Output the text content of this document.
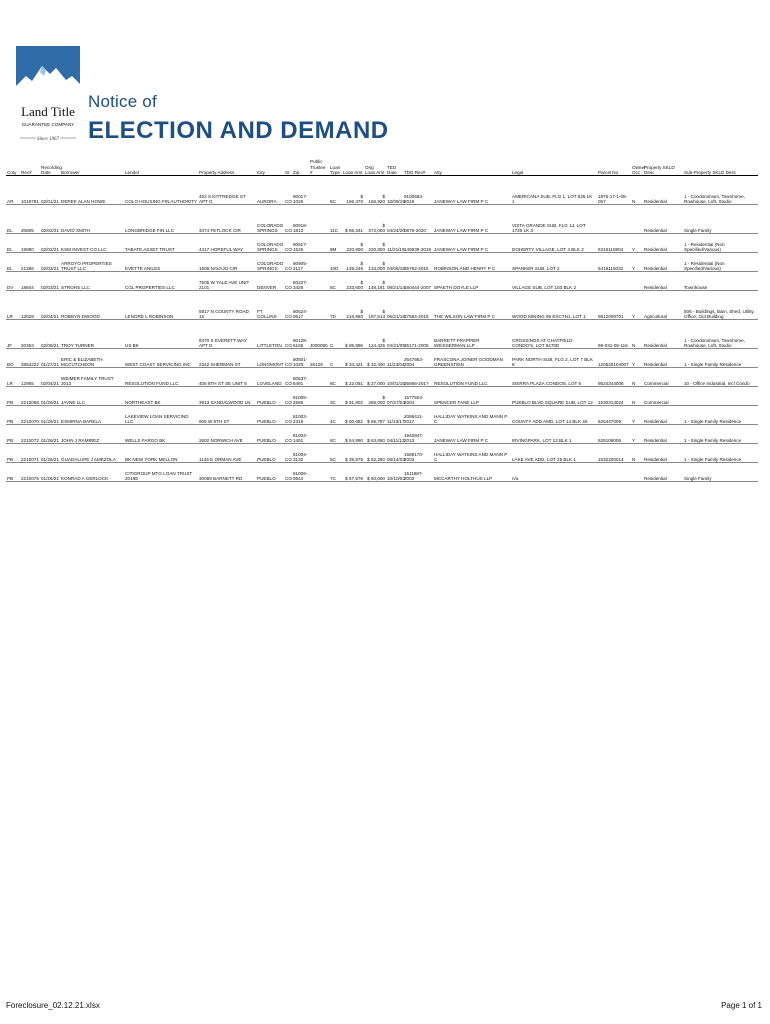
Land Title
GUARANTEE COMPANY
Since 1967
Notice of
ELECTION AND DEMAND
Cnty	Rec#	Recording Date	Borrower	Lender	Property Address	City	St	Zip	Public Trustee #	Loan Type	Loan Amt	Orig Loan Amt	TED Date	TDD Rec#	Atty	Legal	Parcel No	Owner Occ	Property SKLD Desc	Sub-Property SKLD Desc
AR	1019781	02/01/21	DEREK ALAN HOWE	COLO HOUSING FIN AUTHORITY	453 S KITTREDGE ST APT G	AURORA	CO	80017-1026		5C	$ 166,470	$ 166,920	10/09/19	9100683-2019	JANEWAY LAW FIRM P C	AMERICANA SUB, FLG 1, LOT 526 LK 1	1975-17-1-08-057	N	Residential	1 - Condominium, Townhome, Rowhouse, Loft, Studio
EL	20805	02/02/21	DAVID SMITH	LONGBRIDGE FIN LLC	3474 FETLOCK CIR	COLORADO SPRINGS	CO	80918-1813		11C	$ 86,341	$ 372,000	04/24/20	0878-2020	JANEWAY LAW FIRM P C	VISTA GRANDE SUB, FLG 14, LOT 1726 LK 3			Residential	Single Family
EL	19880	02/02/21	KSM INVEST CO LLC	TABATE ASSET TRUST	4417 HOPEFUL WAY	COLORADO SPRINGS	CO	80917-1526		9M	$ 220,800	$ 220,800	11/21/19	149939-2019	JANEWAY LAW FIRM P C	DOHERTY VILLAGE, LOT 4 BLK 2	6316110804	Y	Residential	1 - Residential (Non Specified/Various)
EL	21286	02/03/21	ARROYO PROPERTIES TRUST LLC	EVETTE ANILES	1606 NAVAJO CIR	COLORADO SPRINGS	CO	80905-2117		10D	$ 139,246	$ 134,000	04/06/15	35762-2015	ROBINSON AND HENRY P C	SPANKER SUB, LOT 2	6419115032	Y	Residential	1 - Residential (Non Specified/Various)
DV	18844	02/03/21	STROHS LLC	CGL PROPERTIES LLC	7505 W YALE AVE UNIT 2101	DENVER	CO	80227-3426		5C	$ 233,600	$ 148,181	08/21/14	160444-2007	SPAETH DOYLE LLP	VILLAGE SUB, LOT 103 BLK 2			Residential	Townhouse
LR	13029	02/04/21	ROBBYN DWOOD	LENORE L ROBINSON	5817 N COUNTY ROAD 15	FT COLLINS	CO	80524-9517		7D	$ 216,950	$ 187,514	06/21/18	37584-2018	THE WILSON LAW FIRM P C	WOOD MINING 95 EXCTN1, LOT 1	9812008701	Y	Agricultural	506 - Buildings, Barn, Shed, Utility, Office, Out Building
JF	20363	02/08/21	TROY TURNER	US BK	8470 S EVERETT WAY APT D	LITTLETON	CO	80128-6168	J000085	C	$ 95,996	$ 124,425	04/21/05	35171-2005	BARRETT FRAPPIER WEISSERMAN LLP	CROSSINGS AT CHATFIELD CONDO'S, LOT 8470D	69-031-05-116	N	Residential	1 - Condominium, Townhome, Rowhouse, Loft, Studio
BO	3854222	01/27/21	ERIC & ELIZABETH MCCUTCHEON	WEST COAST SERVICING INC	2342 SHERMAN ST	LONGMONT	CO	80501-1020	28126	C	$ 34,421	$ 32,400	11/23/04	2647953-2004	FRASCONA JOINER GOODMAN GREENSTEIN	PARK NORTH SUB, FLG 2, LOT 7 BLK 8	120520104007	Y	Residential	1 - Single Family Residence
LR	12965	02/04/21	WEIMER FAMILY TRUST 2013	RESOLUTION FUND LLC	405 8TH ST SE UNIT 6	LOVELAND	CO	80537-6491		8C	$ 22,051	$ 27,000	10/01/16	25566-2017	RESOLUTION FUND LLC	SIERRA PLAZA CONDOS, LOT 6	9524344006	N	Commercial	10 - Office Industrial, Incl Condo
PB	2210068	01/26/21	JAVNE LLC	NORTHEAST BK	3913 SANDALWOOD LN	PUEBLO	CO	81005-2586		3C	$ 91,802	$ 265,000	07/27/04	1577504-2004	SPENCER FANE LLP	PUEBLO BLVD SQUARE SUB, LOT 12	1530314024	N	Commercial	
PB	2210070	01/26/21	ESMIRNA BARELA	LAKEVIEW LOAN SERVICING LLC	605 W 8TH ST	PUEBLO	CO	81003-2319		4C	$ 60,682	$ 65,797	11/13/17	2088411-2017	HALLIDAY WATKINS AND MANN P C	COUNTY ADD AMD, LOT 14 BLK 46	525447009	Y	Residential	1 - Single Family Residence
PB	2210072	01/26/21	JOHN J RAMIREZ	WELLS FARGO BK	2602 NORWICH AVE	PUEBLO	CO	81004-1451		6C	$ 54,890	$ 63,650	04/11/13	1940947-2013	JANEWAY LAW FIRM P C	IRVINGPARK, LOT 13 BLK 1	525106006	Y	Residential	1 - Single Family Residence
PB	2210071	01/26/21	GUADALUPE J AMEZOLA	BK NEW YORK MELLON	1145 E ORMAN AVE	PUEBLO	CO	81004-3132		5C	$ 39,879	$ 62,250	06/14/03	1589170-2003	HALLIDAY WATKINS AND MANN P C	LAKE AVE ADD, LOT 25 BLK 1	1532200014	N	Residential	1 - Single Family Residence
PB	2210075	01/26/21	KONRAD A GERLOCK	CITIGROUP MTG LOAN TRUST 2019E	30089 BARNETT RD	PUEBLO	CO	81006-9544		7C	$ 57,579	$ 60,000	10/10/03	1511887-2003	MCCARTHY HOLTHUS LLP	n/a			Residential	Single Family
Foreclosure_02.12.21.xlsx	Page 1 of 1
